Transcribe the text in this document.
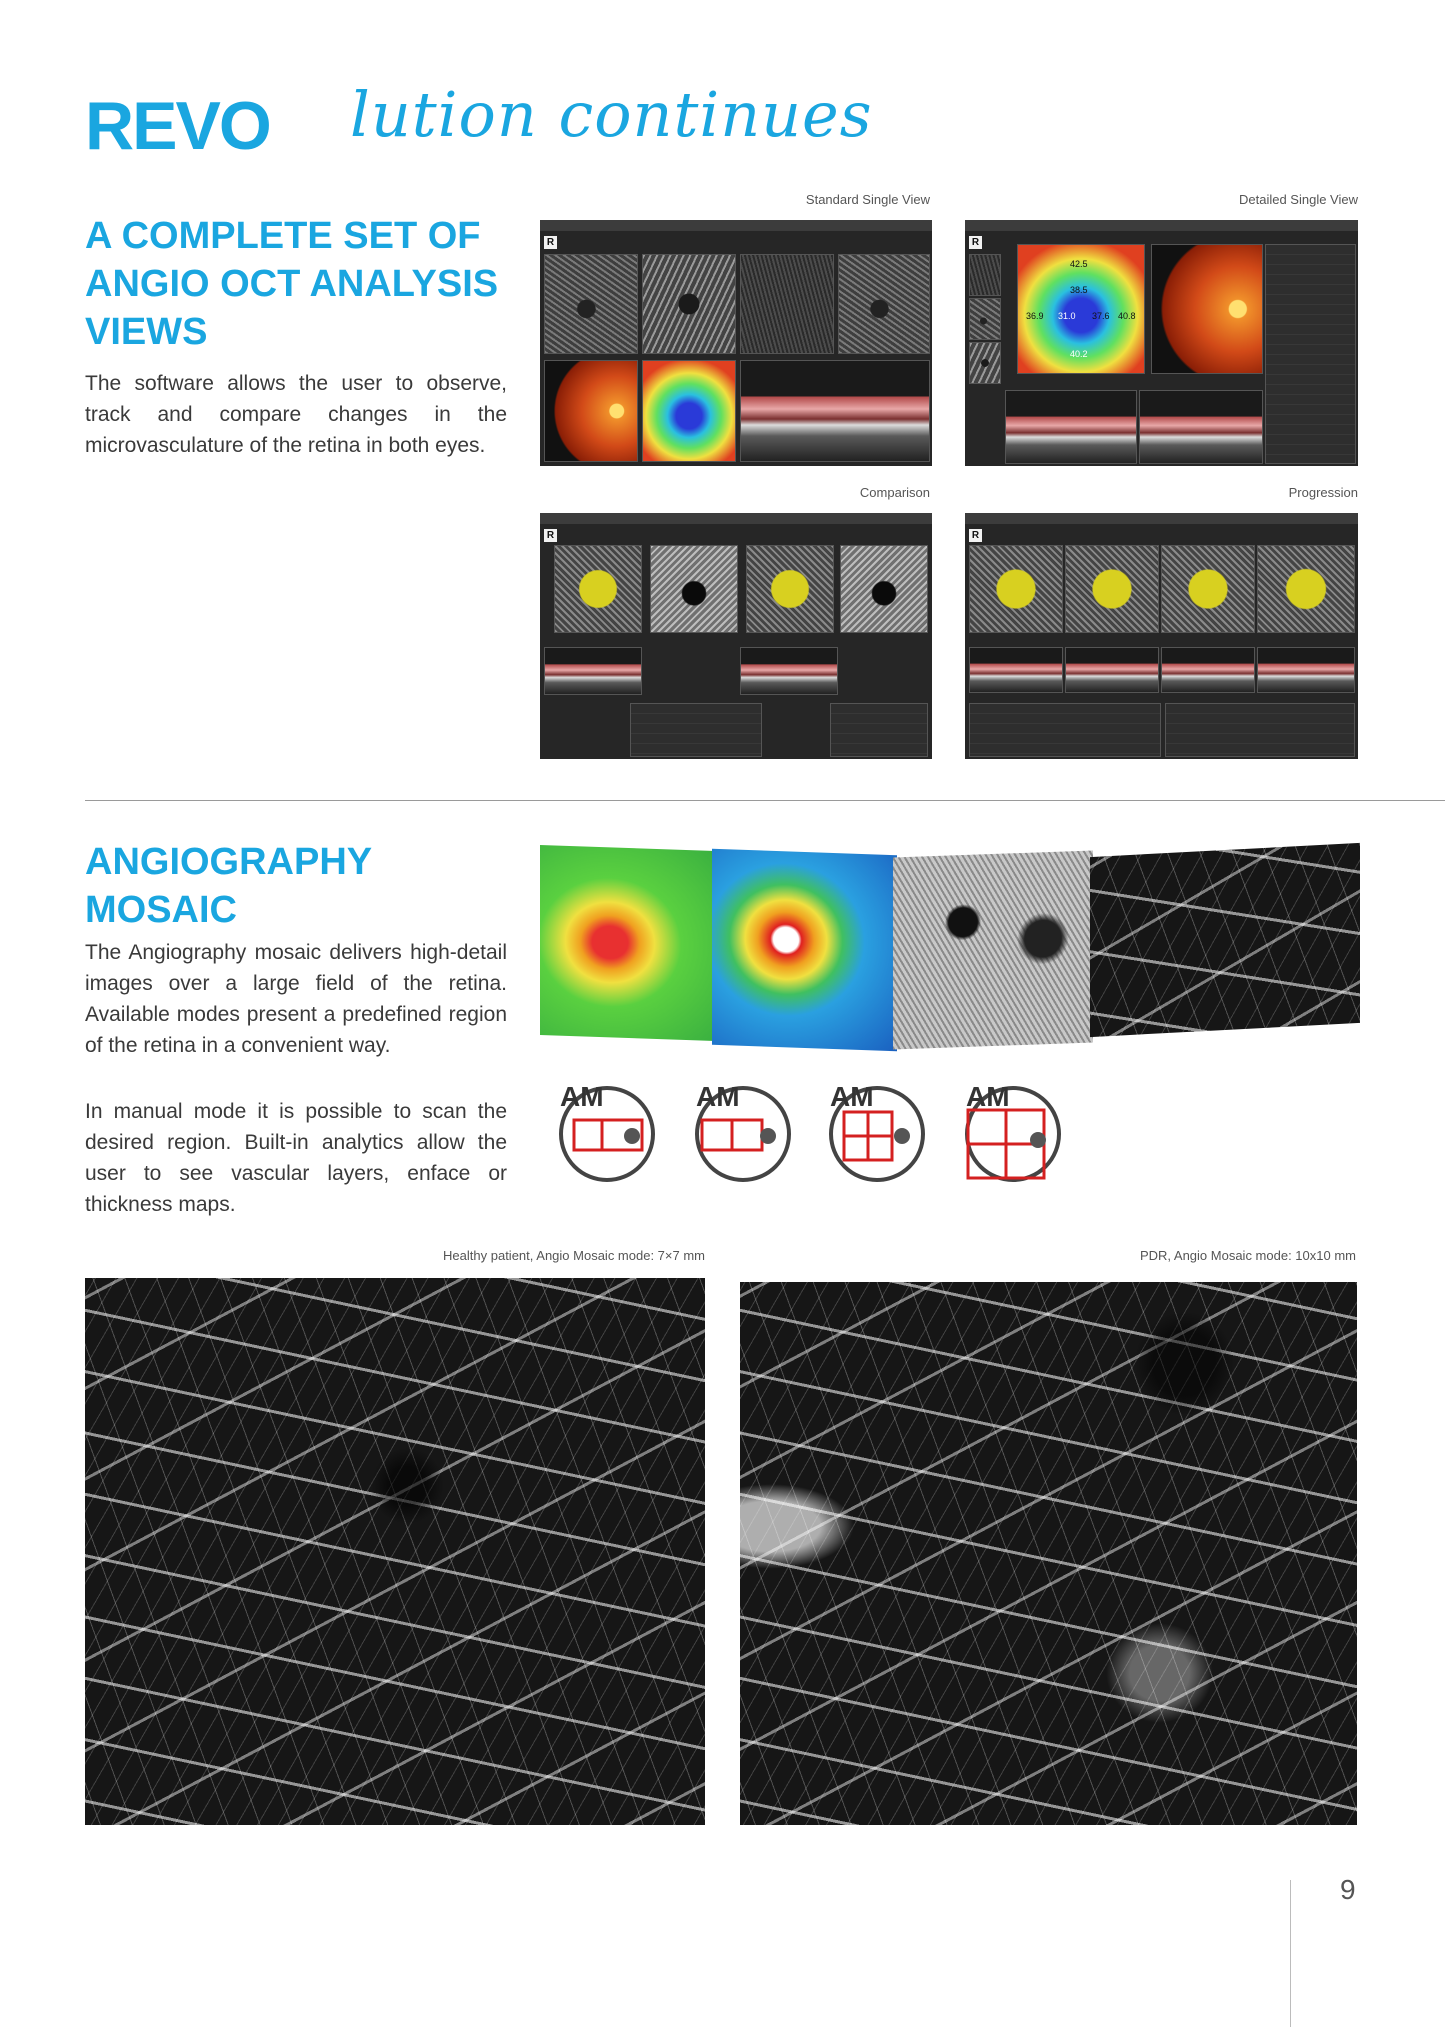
REVO lution continues
A COMPLETE SET OF
ANGIO OCT ANALYSIS
VIEWS

The software allows the user to observe, track and compare changes in the microvasculature of the retina in both eyes.

Standard Single View	Detailed Single View
Comparison	Progression
R	R
42.5
38.5
36.9 31.0 37.6 40.8
40.2
R	R
ANGIOGRAPHY
MOSAIC

The Angiography mosaic delivers high-detail images over a large field of the retina. Available modes present a predefined region of the retina in a convenient way.

In manual mode it is possible to scan the desired region. Built-in analytics allow the user to see vascular layers, enface or thickness maps.

AM	AM	AM	AM
Healthy patient, Angio Mosaic mode: 7×7 mm	PDR, Angio Mosaic mode: 10x10 mm
9
